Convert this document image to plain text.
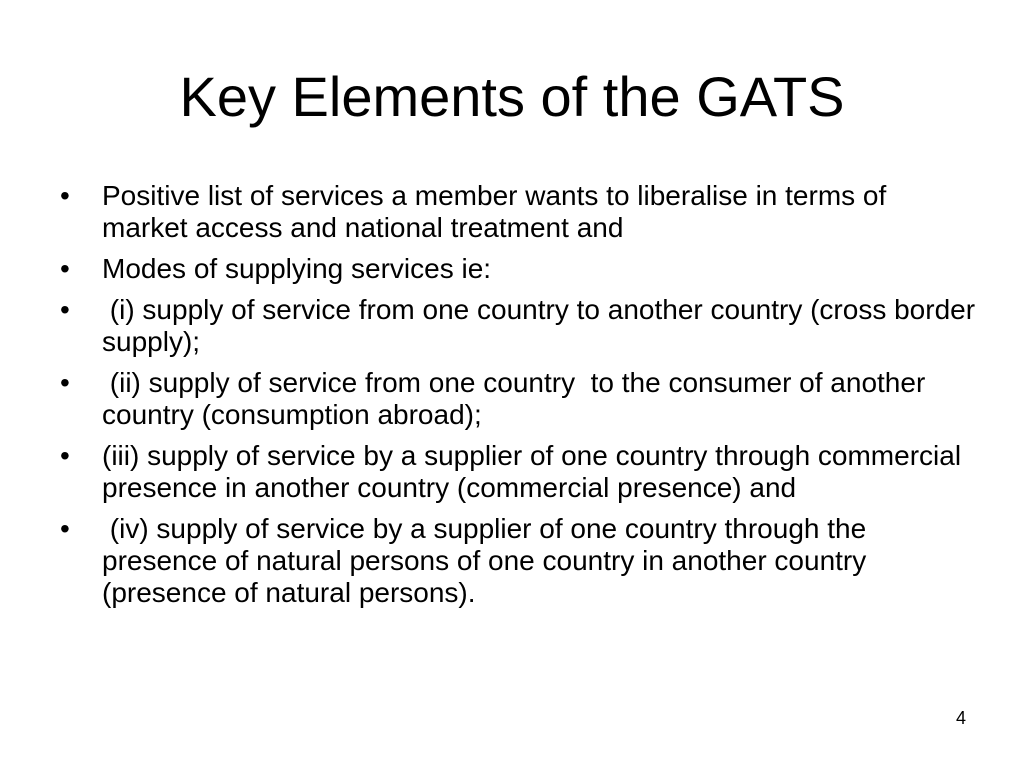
Key Elements of the GATS
•	Positive list of services a member wants to liberalise in terms of market access and national treatment and
•	Modes of supplying services ie:
•	(i) supply of service from one country to another country (cross border supply);
•	(ii) supply of service from one country  to the consumer of another country (consumption abroad);
•	(iii) supply of service by a supplier of one country through commercial presence in another country (commercial presence) and
•	(iv) supply of service by a supplier of one country through the presence of natural persons of one country in another country (presence of natural persons).
4
